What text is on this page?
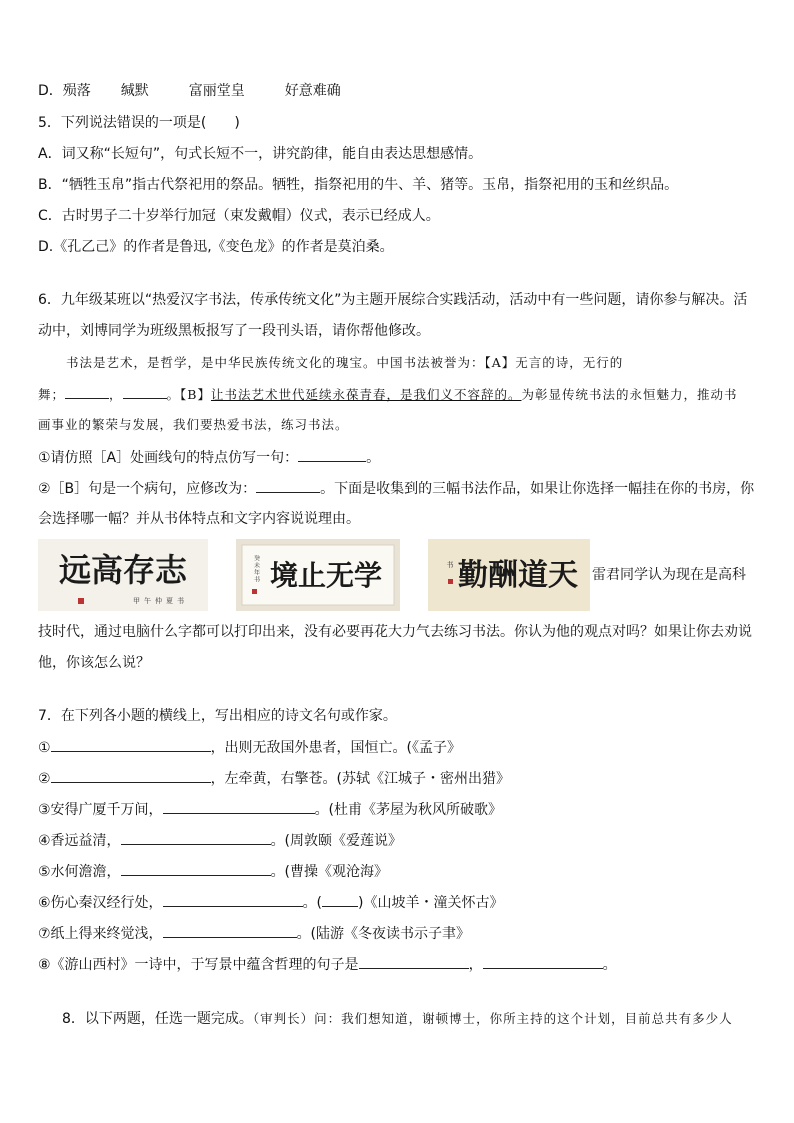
D．殒落 缄默	富丽堂皇	好意难确
5．下列说法错误的一项是(　　)
A．词又称“长短句”，句式长短不一，讲究韵律，能自由表达思想感情。
B．“牺牲玉帛”指古代祭祀用的祭品。牺牲，指祭祀用的牛、羊、猪等。玉帛，指祭祀用的玉和丝织品。
C．古时男子二十岁举行加冠（束发戴帽）仪式，表示已经成人。
D.《孔乙己》的作者是鲁迅,《变色龙》的作者是莫泊桑。
6．九年级某班以“热爱汉字书法，传承传统文化”为主题开展综合实践活动，活动中有一些问题，请你参与解决。活
动中，刘博同学为班级黑板报写了一段刊头语，请你帮他修改。
书法是艺术，是哲学，是中华民族传统文化的瑰宝。中国书法被誉为：【A】无言的诗，无行的
舞；	，	。【B】让书法艺术世代延续永葆青春，是我们义不容辞的。为彰显传统书法的永恒魅力，推动书
画事业的繁荣与发展，我们要热爱书法，练习书法。
①请仿照［A］处画线句的特点仿写一句：	。
②［B］句是一个病句，应修改为：	。下面是收集到的三幅书法作品，如果让你选择一幅挂在你的书房，你
会选择哪一幅？并从书体特点和文字内容说说理由。
志存高远
甲午仲夏书
学无止境
癸未年书	天道酬勤
书
雷君同学认为现在是高科
技时代，通过电脑什么字都可以打印出来，没有必要再花大力气去练习书法。你认为他的观点对吗？如果让你去劝说
他，你该怎么说？
7．在下列各小题的横线上，写出相应的诗文名句或作家。
①	，出则无敌国外患者，国恒亡。(《孟子》
②	，左牵黄，右擎苍。(苏轼《江城子・密州出猎》
③安得广厦千万间，	。(杜甫《茅屋为秋风所破歌》
④香远益清，	。(周敦颐《爱莲说》
⑤水何澹澹，	。(曹操《观沧海》
⑥伤心秦汉经行处，	。(	)《山坡羊・潼关怀古》
⑦纸上得来终觉浅，	。(陆游《冬夜读书示子聿》
⑧《游山西村》一诗中，于写景中蕴含哲理的句子是	，	。
8．以下两题，任选一题完成。（审判长）问：我们想知道，谢顿博士，你所主持的这个计划，目前总共有多少人
